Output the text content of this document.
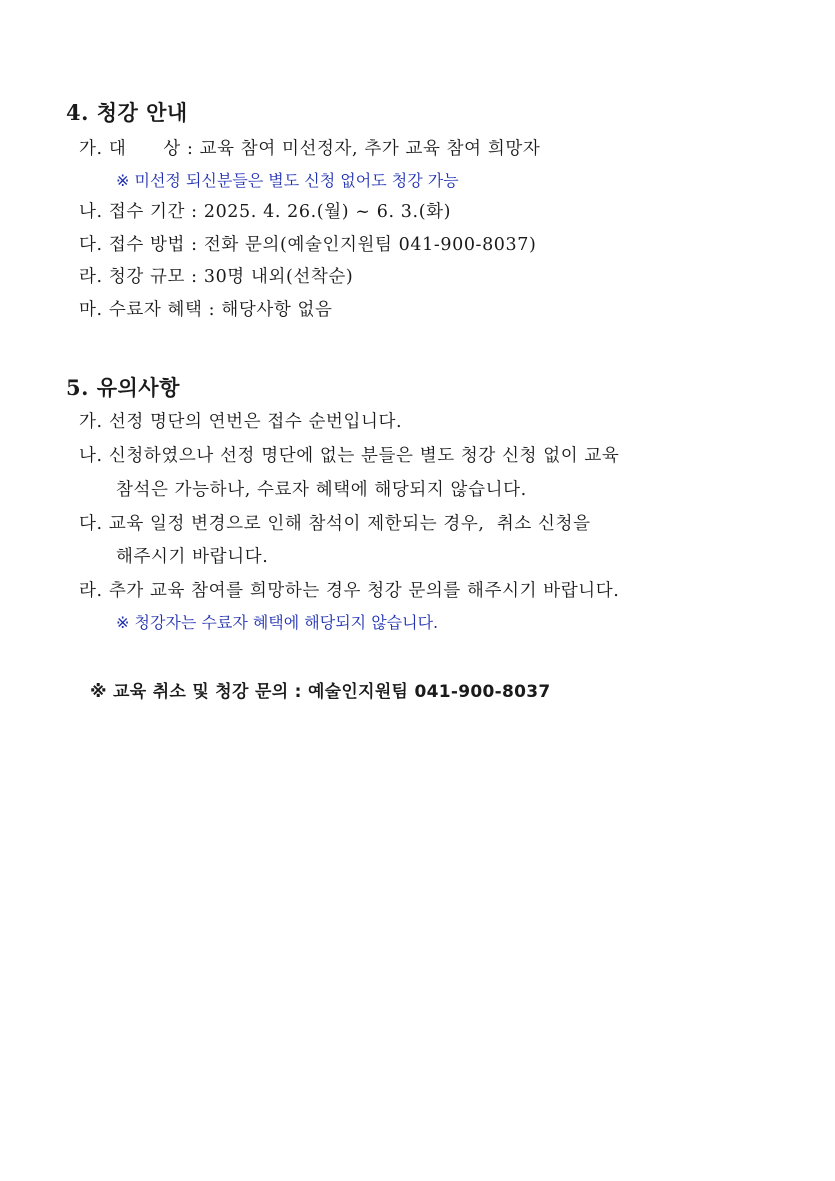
4. 청강 안내
가. 대      상 : 교육 참여 미선정자, 추가 교육 참여 희망자
※ 미선정 되신분들은 별도 신청 없어도 청강 가능
나. 접수 기간 : 2025. 4. 26.(월) ~ 6. 3.(화)
다. 접수 방법 : 전화 문의(예술인지원팀 041-900-8037)
라. 청강 규모 : 30명 내외(선착순)
마. 수료자 혜택 : 해당사항 없음
5. 유의사항
가. 선정 명단의 연번은 접수 순번입니다.
나. 신청하였으나 선정 명단에 없는 분들은 별도 청강 신청 없이 교육
참석은 가능하나, 수료자 혜택에 해당되지 않습니다.
다. 교육 일정 변경으로 인해 참석이 제한되는 경우,  취소 신청을
해주시기 바랍니다.
라. 추가 교육 참여를 희망하는 경우 청강 문의를 해주시기 바랍니다.
※ 청강자는 수료자 혜택에 해당되지 않습니다.
※ 교육 취소 및 청강 문의 : 예술인지원팀 041-900-8037
